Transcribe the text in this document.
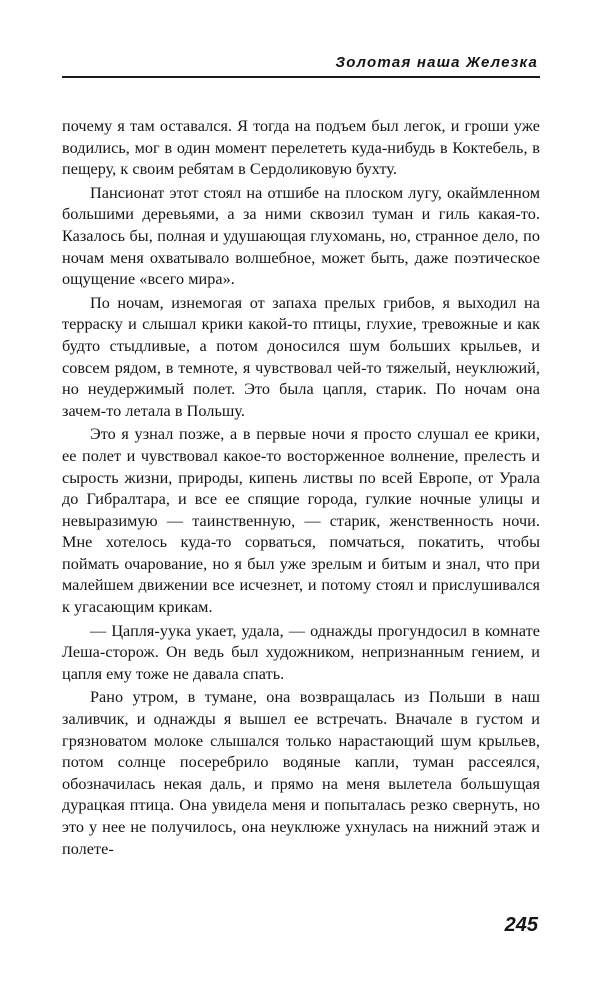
Золотая наша Железка

почему я там оставался. Я тогда на подъем был легок, и гроши уже водились, мог в один момент перелететь куда-нибудь в Коктебель, в пещеру, к своим ребятам в Сердоликовую бухту.

Пансионат этот стоял на отшибе на плоском лугу, окаймленном большими деревьями, а за ними сквозил туман и гиль какая-то. Казалось бы, полная и удушающая глухомань, но, странное дело, по ночам меня охватывало волшебное, может быть, даже поэтическое ощущение «всего мира».

По ночам, изнемогая от запаха прелых грибов, я выходил на терраску и слышал крики какой-то птицы, глухие, тревожные и как будто стыдливые, а потом доносился шум больших крыльев, и совсем рядом, в темноте, я чувствовал чей-то тяжелый, неуклюжий, но неудержимый полет. Это была цапля, старик. По ночам она зачем-то летала в Польшу.

Это я узнал позже, а в первые ночи я просто слушал ее крики, ее полет и чувствовал какое-то восторженное волнение, прелесть и сырость жизни, природы, кипень листвы по всей Европе, от Урала до Гибралтара, и все ее спящие города, гулкие ночные улицы и невыразимую — таинственную, — старик, женственность ночи. Мне хотелось куда-то сорваться, помчаться, покатить, чтобы поймать очарование, но я был уже зрелым и битым и знал, что при малейшем движении все исчезнет, и потому стоял и прислушивался к угасающим крикам.

— Цапля-уука укает, удала, — однажды прогундосил в комнате Леша-сторож. Он ведь был художником, непризнанным гением, и цапля ему тоже не давала спать.

Рано утром, в тумане, она возвращалась из Польши в наш заливчик, и однажды я вышел ее встречать. Вначале в густом и грязноватом молоке слышался только нарастающий шум крыльев, потом солнце посеребрило водяные капли, туман рассеялся, обозначилась некая даль, и прямо на меня вылетела большущая дурацкая птица. Она увидела меня и попыталась резко свернуть, но это у нее не получилось, она неуклюже ухнулась на нижний этаж и полете-

245
